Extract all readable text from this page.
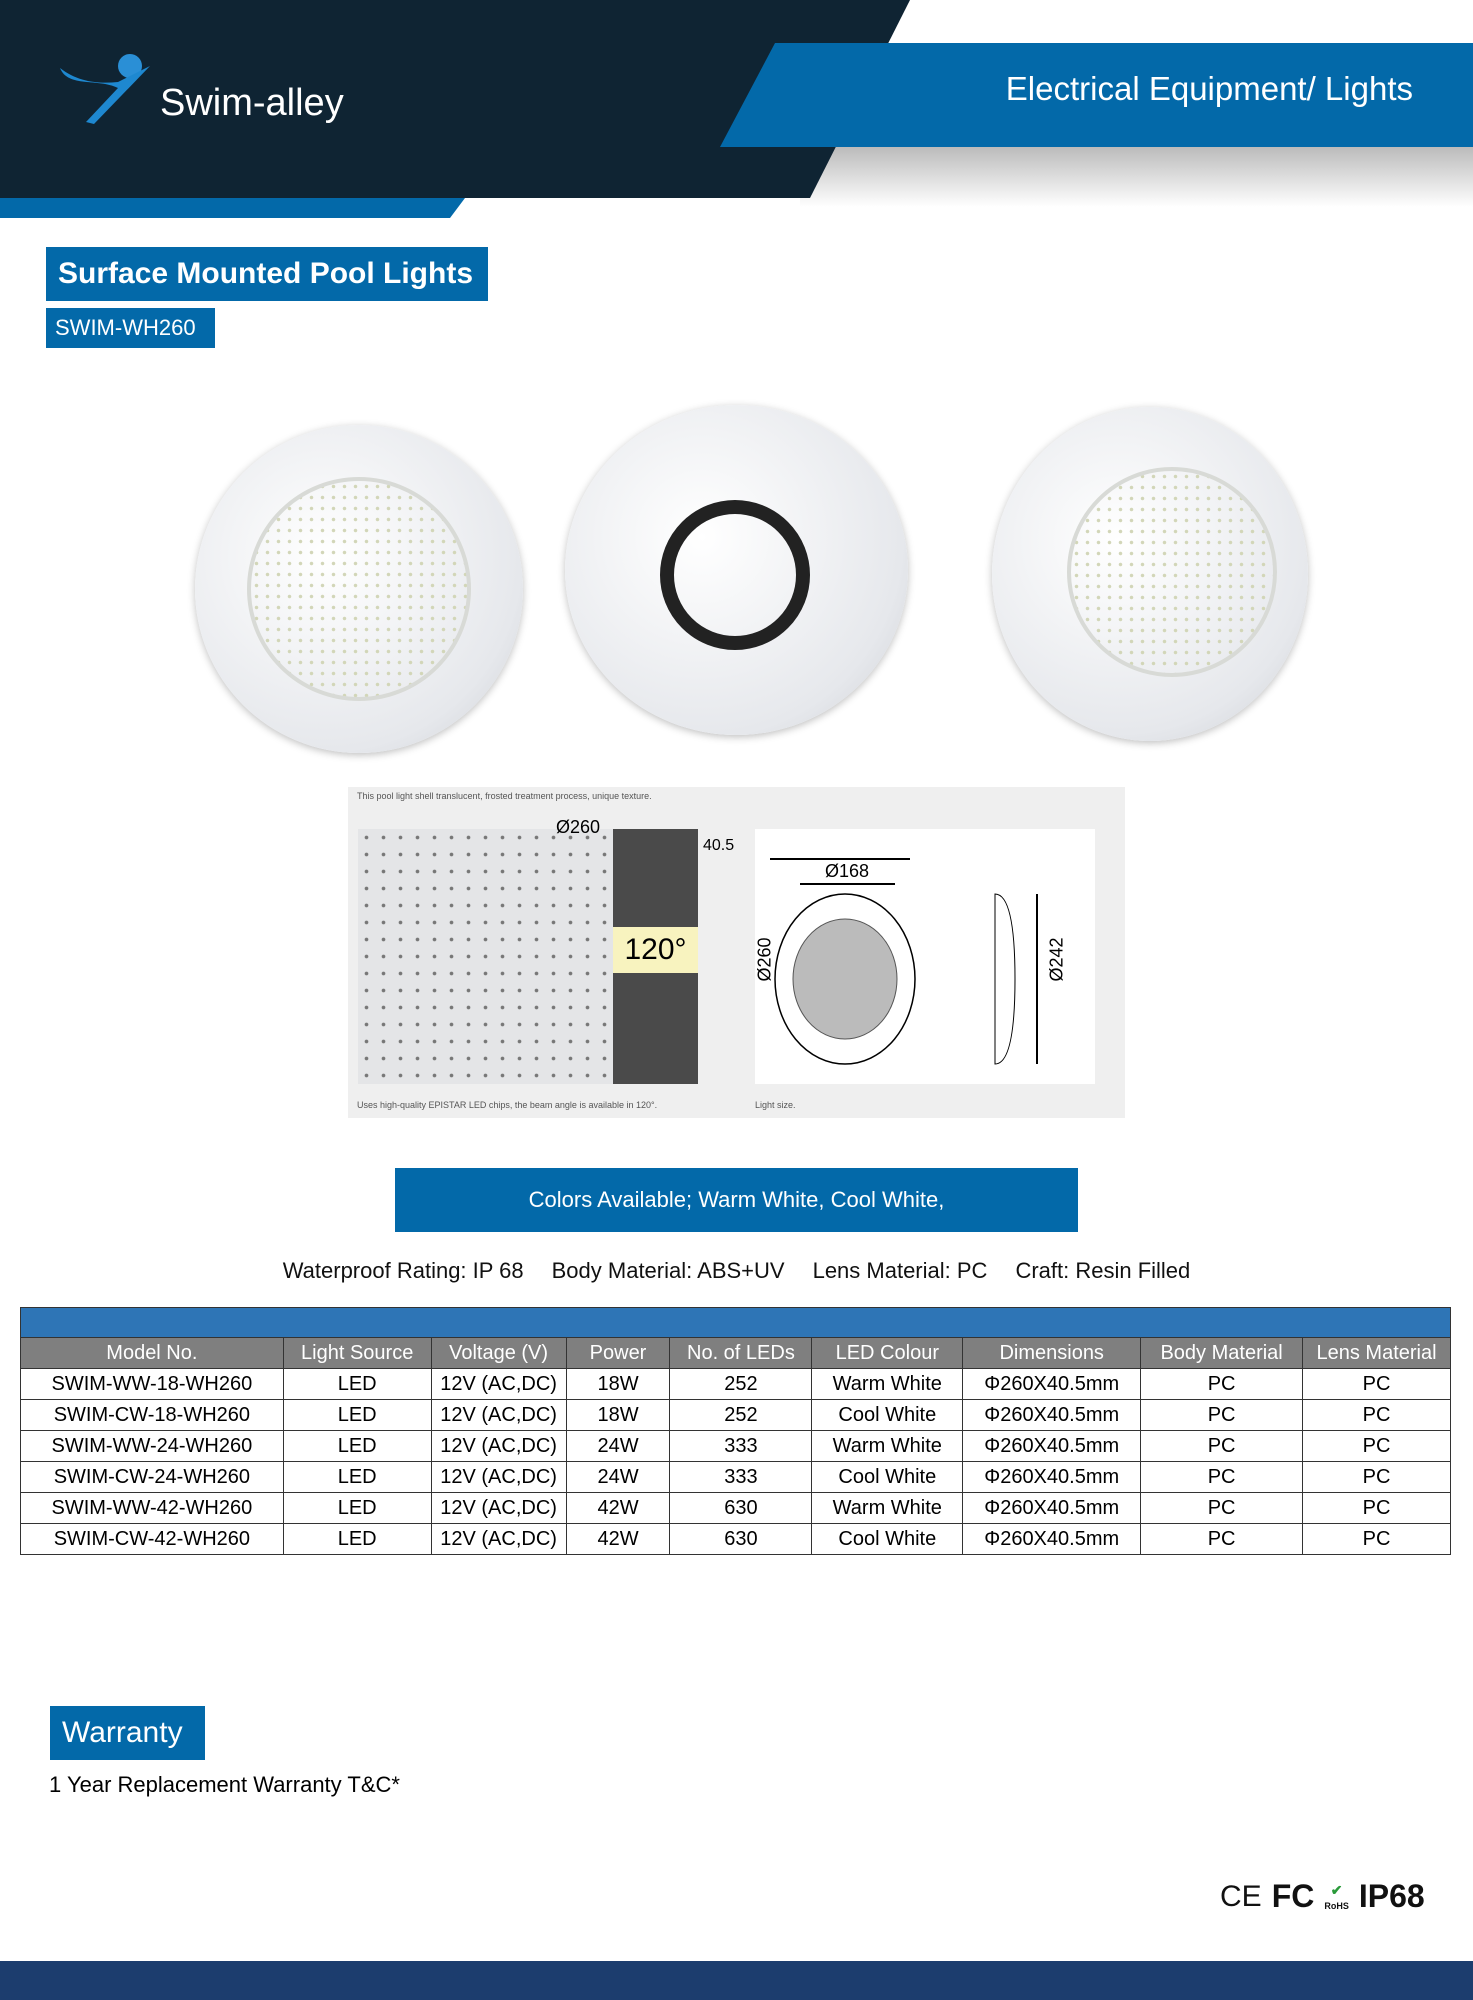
Swim-alley	Electrical Equipment/ Lights
Surface Mounted Pool Lights
SWIM-WH260
This pool light shell translucent, frosted treatment process, unique texture.
120°
Ø260
40.5
Ø168
Ø260	Ø242
Uses high-quality EPISTAR LED chips, the beam angle is available in 120°.	Light size.
Colors Available; Warm White, Cool White,
Waterproof Rating: IP 68 Body Material: ABS+UV Lens Material: PC Craft: Resin Filled

Model No.	Light Source	Voltage (V)	Power	No. of LEDs	LED Colour	Dimensions	Body Material	Lens Material
SWIM-WW-18-WH260	LED	12V (AC,DC)	18W	252	Warm White	Φ260X40.5mm	PC	PC
SWIM-CW-18-WH260	LED	12V (AC,DC)	18W	252	Cool White	Φ260X40.5mm	PC	PC
SWIM-WW-24-WH260	LED	12V (AC,DC)	24W	333	Warm White	Φ260X40.5mm	PC	PC
SWIM-CW-24-WH260	LED	12V (AC,DC)	24W	333	Cool White	Φ260X40.5mm	PC	PC
SWIM-WW-42-WH260	LED	12V (AC,DC)	42W	630	Warm White	Φ260X40.5mm	PC	PC
SWIM-CW-42-WH260	LED	12V (AC,DC)	42W	630	Cool White	Φ260X40.5mm	PC	PC
Warranty
1 Year Replacement Warranty T&C*
CE FC	✔
RoHS IP68
